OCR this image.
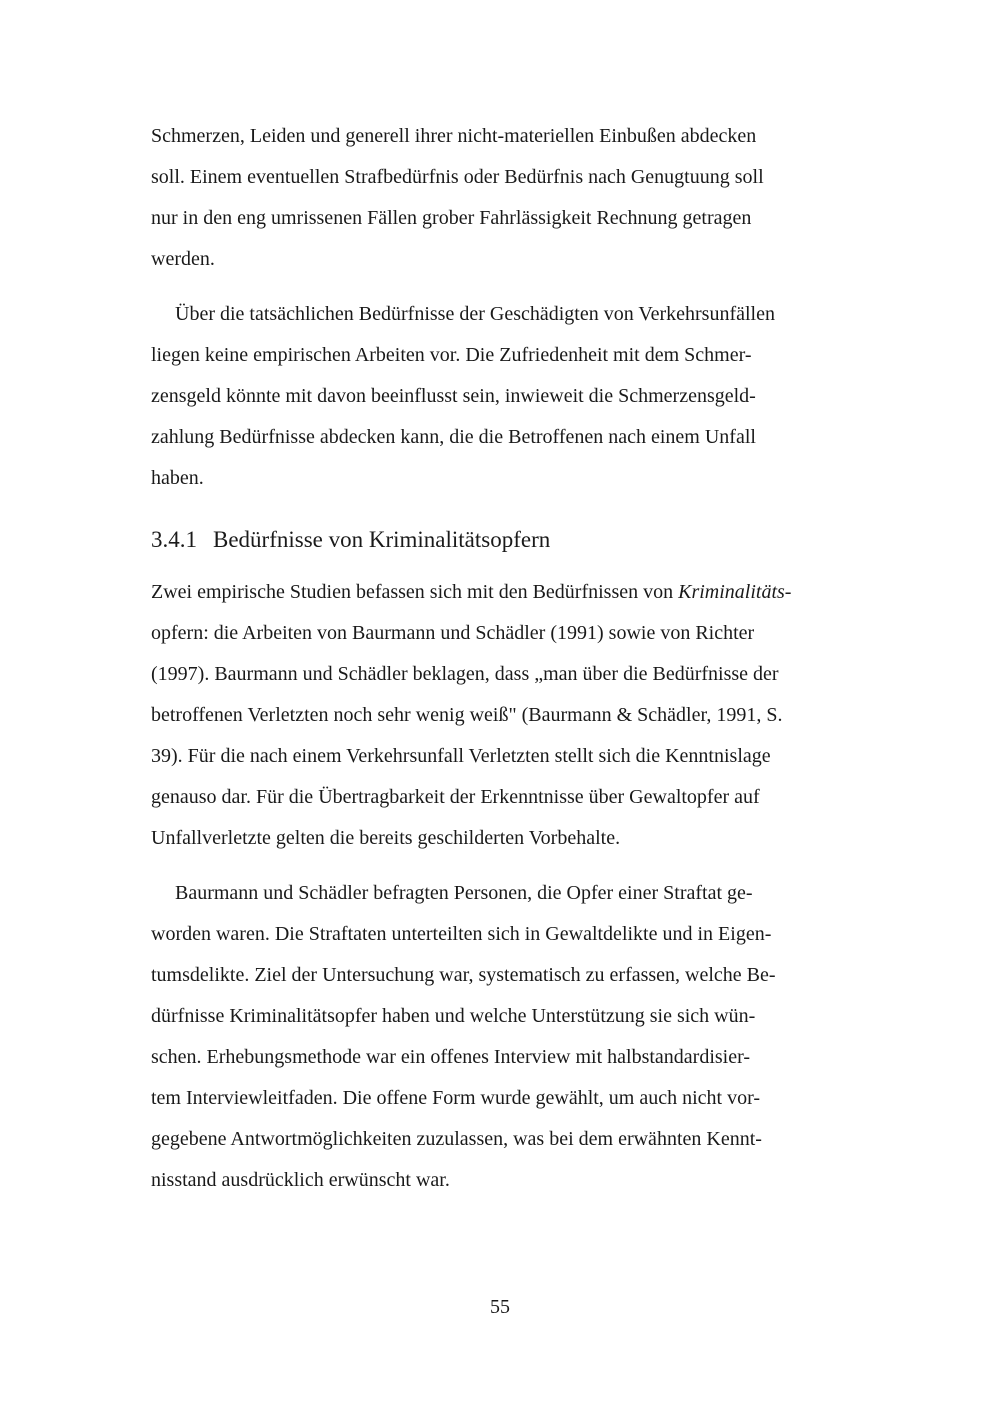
Schmerzen, Leiden und generell ihrer nicht-materiellen Einbußen abdecken
soll. Einem eventuellen Strafbedürfnis oder Bedürfnis nach Genugtuung soll
nur in den eng umrissenen Fällen grober Fahrlässigkeit Rechnung getragen
werden.
Über die tatsächlichen Bedürfnisse der Geschädigten von Verkehrsunfällen
liegen keine empirischen Arbeiten vor. Die Zufriedenheit mit dem Schmer-
zensgeld könnte mit davon beeinflusst sein, inwieweit die Schmerzensgeld-
zahlung Bedürfnisse abdecken kann, die die Betroffenen nach einem Unfall
haben.
3.4.1 Bedürfnisse von Kriminalitätsopfern
Zwei empirische Studien befassen sich mit den Bedürfnissen von Kriminalitäts-
opfern: die Arbeiten von Baurmann und Schädler (1991) sowie von Richter
(1997). Baurmann und Schädler beklagen, dass „man über die Bedürfnisse der
betroffenen Verletzten noch sehr wenig weiß" (Baurmann & Schädler, 1991, S.
39). Für die nach einem Verkehrsunfall Verletzten stellt sich die Kenntnislage
genauso dar. Für die Übertragbarkeit der Erkenntnisse über Gewaltopfer auf
Unfallverletzte gelten die bereits geschilderten Vorbehalte.
Baurmann und Schädler befragten Personen, die Opfer einer Straftat ge-
worden waren. Die Straftaten unterteilten sich in Gewaltdelikte und in Eigen-
tumsdelikte. Ziel der Untersuchung war, systematisch zu erfassen, welche Be-
dürfnisse Kriminalitätsopfer haben und welche Unterstützung sie sich wün-
schen. Erhebungsmethode war ein offenes Interview mit halbstandardisier-
tem Interviewleitfaden. Die offene Form wurde gewählt, um auch nicht vor-
gegebene Antwortmöglichkeiten zuzulassen, was bei dem erwähnten Kennt-
nisstand ausdrücklich erwünscht war.
55
